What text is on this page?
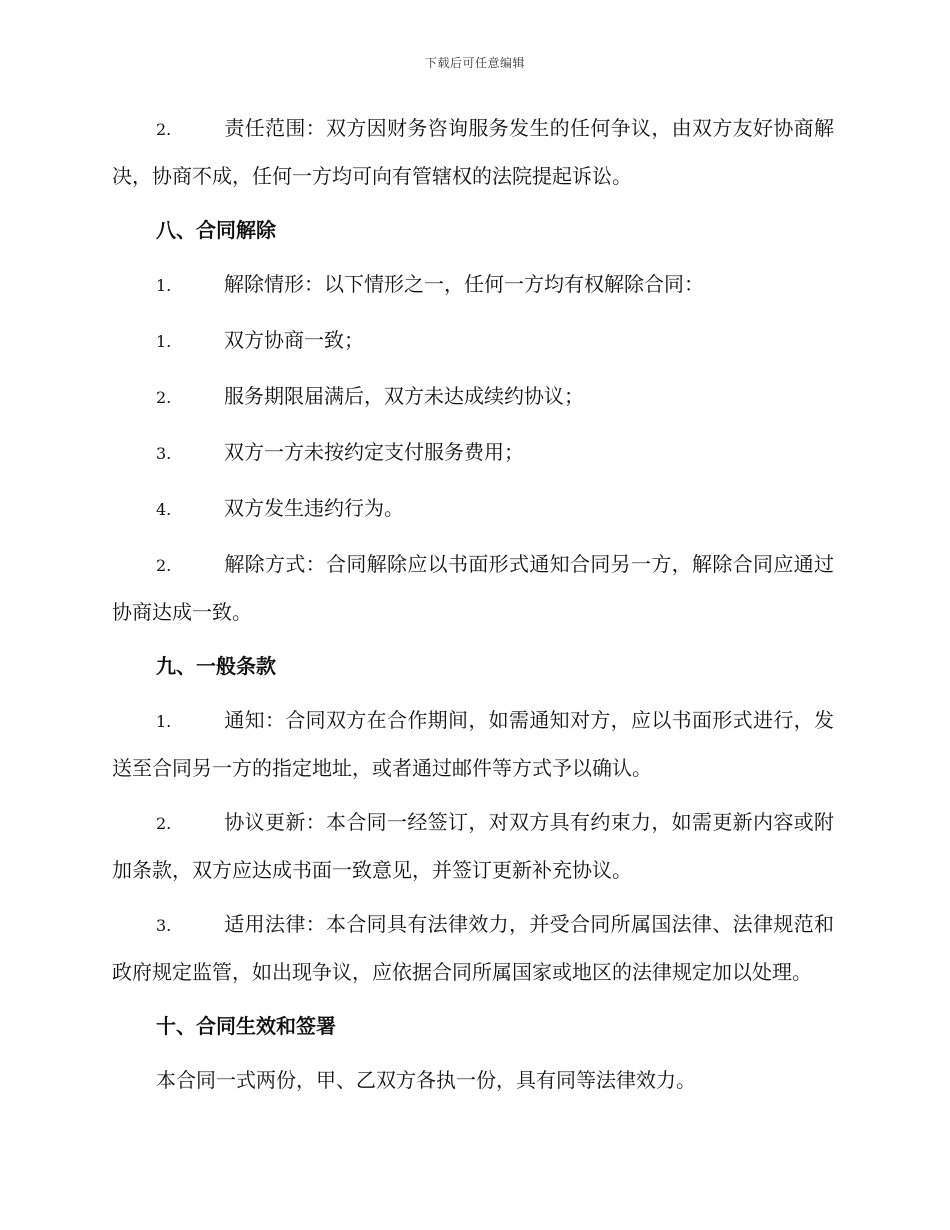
下载后可任意编辑

2.	责任范围：双方因财务咨询服务发生的任何争议，由双方友好协商解决，协商不成，任何一方均可向有管辖权的法院提起诉讼。

八、合同解除

1.	解除情形：以下情形之一，任何一方均有权解除合同：

1.	双方协商一致；

2.	服务期限届满后，双方未达成续约协议；

3.	双方一方未按约定支付服务费用；

4.	双方发生违约行为。

2.	解除方式：合同解除应以书面形式通知合同另一方，解除合同应通过协商达成一致。

九、一般条款

1.	通知：合同双方在合作期间，如需通知对方，应以书面形式进行，发送至合同另一方的指定地址，或者通过邮件等方式予以确认。

2.	协议更新：本合同一经签订，对双方具有约束力，如需更新内容或附加条款，双方应达成书面一致意见，并签订更新补充协议。

3.	适用法律：本合同具有法律效力，并受合同所属国法律、法律规范和政府规定监管，如出现争议，应依据合同所属国家或地区的法律规定加以处理。

十、合同生效和签署

本合同一式两份，甲、乙双方各执一份，具有同等法律效力。
